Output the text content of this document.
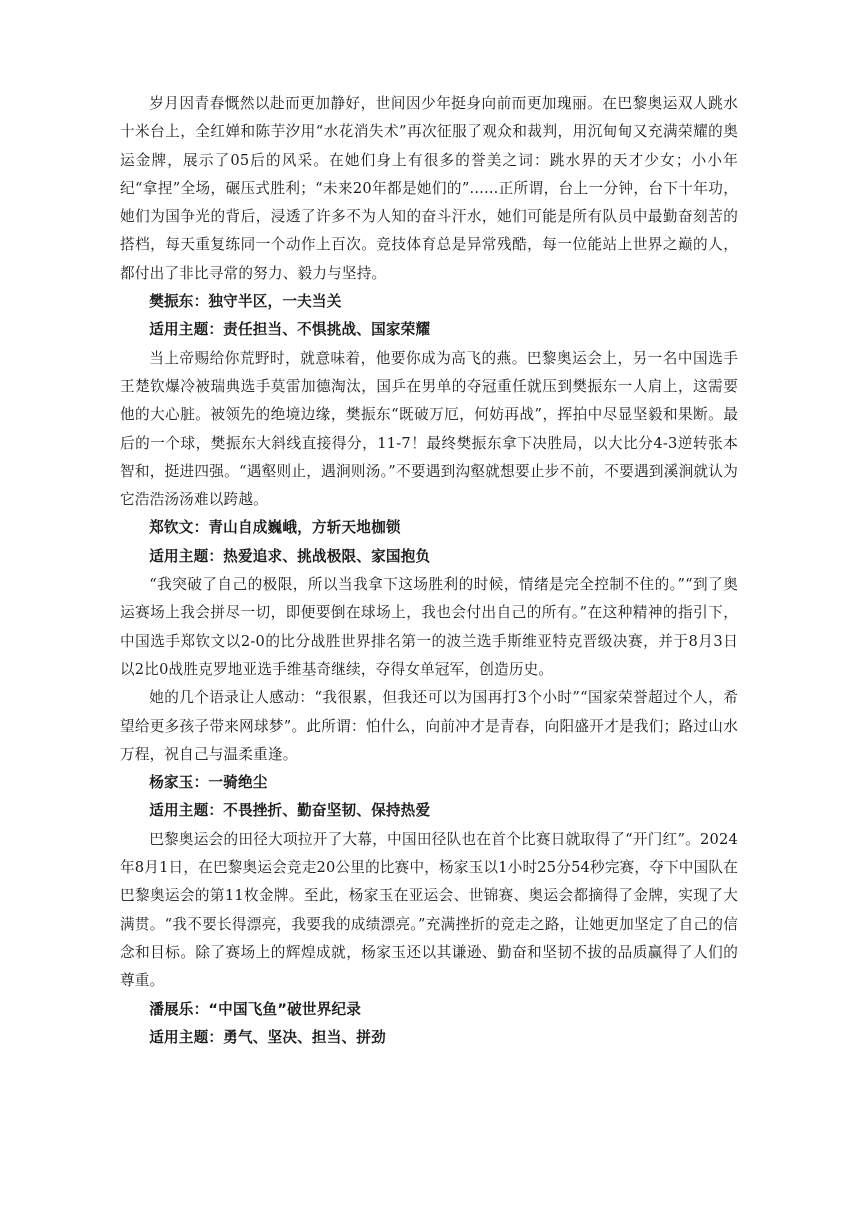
岁月因青春慨然以赴而更加静好，世间因少年挺身向前而更加瑰丽。在巴黎奥运双人跳水十米台上，全红婵和陈芋汐用“水花消失术”再次征服了观众和裁判，用沉甸甸又充满荣耀的奥运金牌，展示了05后的风采。在她们身上有很多的誉美之词：跳水界的天才少女；小小年纪“拿捏”全场，碾压式胜利；“未来20年都是她们的”......正所谓，台上一分钟，台下十年功，她们为国争光的背后，浸透了许多不为人知的奋斗汗水，她们可能是所有队员中最勤奋刻苦的搭档，每天重复练同一个动作上百次。竞技体育总是异常残酷，每一位能站上世界之巅的人，都付出了非比寻常的努力、毅力与坚持。

樊振东：独守半区，一夫当关

适用主题：责任担当、不惧挑战、国家荣耀

当上帝赐给你荒野时，就意味着，他要你成为高飞的燕。巴黎奥运会上，另一名中国选手王楚钦爆冷被瑞典选手莫雷加德淘汰，国乒在男单的夺冠重任就压到樊振东一人肩上，这需要他的大心脏。被领先的绝境边缘，樊振东“既破万厄，何妨再战”，挥拍中尽显坚毅和果断。最后的一个球，樊振东大斜线直接得分，11-7！最终樊振东拿下决胜局，以大比分4-3逆转张本智和，挺进四强。“遇壑则止，遇涧则汤。”不要遇到沟壑就想要止步不前，不要遇到溪涧就认为它浩浩汤汤难以跨越。

郑钦文：青山自成巍峨，方斩天地枷锁

适用主题：热爱追求、挑战极限、家国抱负

“我突破了自己的极限，所以当我拿下这场胜利的时候，情绪是完全控制不住的。”“到了奥运赛场上我会拼尽一切，即便要倒在球场上，我也会付出自己的所有。”在这种精神的指引下，中国选手郑钦文以2-0的比分战胜世界排名第一的波兰选手斯维亚特克晋级决赛，并于8月3日以2比0战胜克罗地亚选手维基奇继续，夺得女单冠军，创造历史。

她的几个语录让人感动：“我很累，但我还可以为国再打3个小时”“国家荣誉超过个人，希望给更多孩子带来网球梦”。此所谓：怕什么，向前冲才是青春，向阳盛开才是我们；路过山水万程，祝自己与温柔重逢。

杨家玉：一骑绝尘

适用主题：不畏挫折、勤奋坚韧、保持热爱

巴黎奥运会的田径大项拉开了大幕，中国田径队也在首个比赛日就取得了“开门红”。2024年8月1日，在巴黎奥运会竞走20公里的比赛中，杨家玉以1小时25分54秒完赛，夺下中国队在巴黎奥运会的第11枚金牌。至此，杨家玉在亚运会、世锦赛、奥运会都摘得了金牌，实现了大满贯。“我不要长得漂亮，我要我的成绩漂亮。”充满挫折的竞走之路，让她更加坚定了自己的信念和目标。除了赛场上的辉煌成就，杨家玉还以其谦逊、勤奋和坚韧不拔的品质赢得了人们的尊重。

潘展乐：“中国飞鱼”破世界纪录

适用主题：勇气、坚决、担当、拼劲
